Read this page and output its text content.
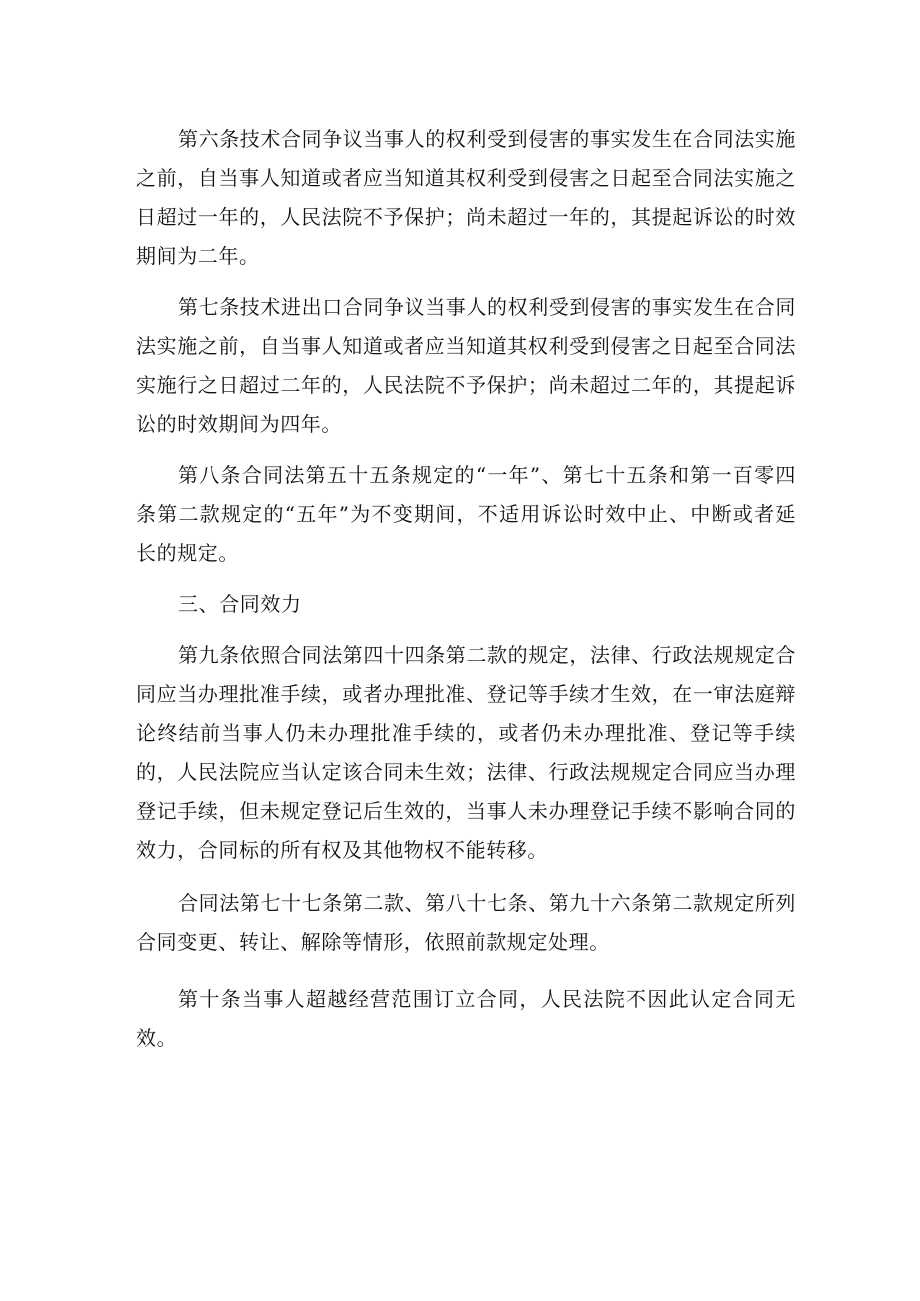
第六条技术合同争议当事人的权利受到侵害的事实发生在合同法实施之前，自当事人知道或者应当知道其权利受到侵害之日起至合同法实施之日超过一年的，人民法院不予保护；尚未超过一年的，其提起诉讼的时效期间为二年。

第七条技术进出口合同争议当事人的权利受到侵害的事实发生在合同法实施之前，自当事人知道或者应当知道其权利受到侵害之日起至合同法实施行之日超过二年的，人民法院不予保护；尚未超过二年的，其提起诉讼的时效期间为四年。

第八条合同法第五十五条规定的“一年”、第七十五条和第一百零四条第二款规定的“五年”为不变期间，不适用诉讼时效中止、中断或者延长的规定。

三、合同效力

第九条依照合同法第四十四条第二款的规定，法律、行政法规规定合同应当办理批准手续，或者办理批准、登记等手续才生效，在一审法庭辩论终结前当事人仍未办理批准手续的，或者仍未办理批准、登记等手续的，人民法院应当认定该合同未生效；法律、行政法规规定合同应当办理登记手续，但未规定登记后生效的，当事人未办理登记手续不影响合同的效力，合同标的所有权及其他物权不能转移。

合同法第七十七条第二款、第八十七条、第九十六条第二款规定所列合同变更、转让、解除等情形，依照前款规定处理。

第十条当事人超越经营范围订立合同，人民法院不因此认定合同无效。
